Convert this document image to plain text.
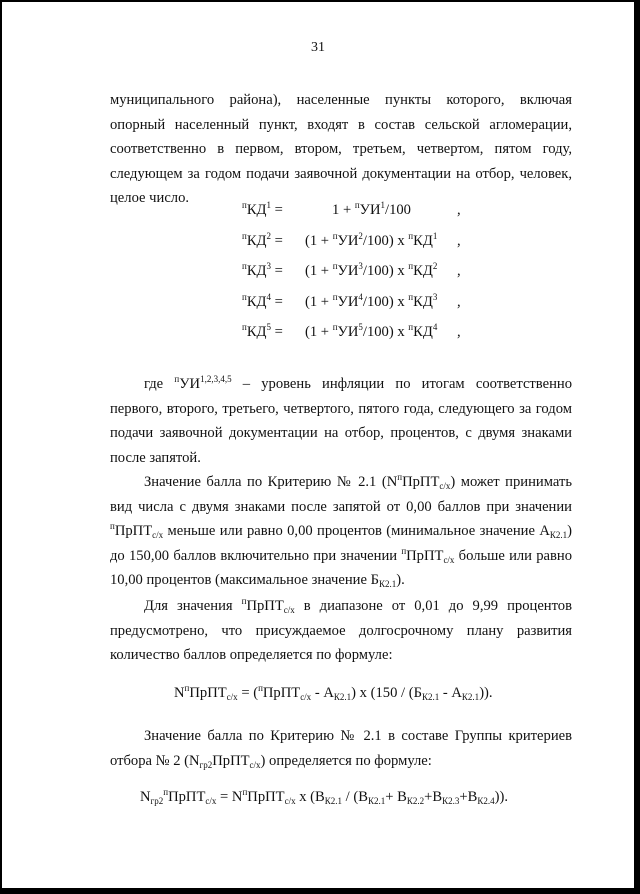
31

муниципального района), населенные пункты которого, включая опорный населенный пункт, входят в состав сельской агломерации, соответственно в первом, втором, третьем, четвертом, пятом году, следующем за годом подачи заявочной документации на отбор, человек, целое число.	$^пКД^1$ =	$1 + ^пУИ^1/100$	,
$^пКД^2 = (1 + ^пУИ^2/100)$ x $^пКД^1$ ,
$^пКД^3 = (1 + ^пУИ^3/100)$ x $^пКД^2$ ,
$^пКД^4 = (1 + ^пУИ^4/100)$ x $^пКД^3$ ,
$^пКД^5 = (1 + ^пУИ^5/100)$ x $^пКД^4$ ,

где $^п$УИ$^{1,2,3,4,5}$ – уровень инфляции по итогам соответственно первого, второго, третьего, четвертого, пятого года, следующего за годом подачи заявочной документации на отбор, процентов, с двумя знаками после запятой.

Значение балла по Критерию № 2.1 $(N^пПрПТ_{с/х})$ может принимать вид числа с двумя знаками после запятой от 0,00 баллов при значении $^п$ПрПТ$_{с/х}$ меньше или равно 0,00 процентов (минимальное значение $А_{К2.1}$) до 150,00 баллов включительно при значении $^п$ПрПТ$_{с/х}$ больше или равно 10,00 процентов (максимальное значение $Б_{К2.1}$).

Для значения $^п$ПрПТ$_{с/х}$ в диапазоне от 0,01 до 9,99 процентов предусмотрено, что присуждаемое долгосрочному плану развития количество баллов определяется по формуле:

$N^пПрПТ_{с/х}$ = ($^п$ПрПТ$_{с/х}$ - $А_{К2.1}$) x $(150 / (Б_{К2.1} - А_{К2.1}))$.

Значение балла по Критерию № 2.1 в составе Группы критериев отбора № 2 $(N_{гр2}ПрПТ_{с/х})$ определяется по формуле:

$N_{гр2}^пПрПТ_{с/х}$ = $N^пПрПТ_{с/х}$ x $(В_{К2.1} / (В_{К2.1}+ В_{К2.2}+В_{К2.3}+В_{К2.4}))$.
